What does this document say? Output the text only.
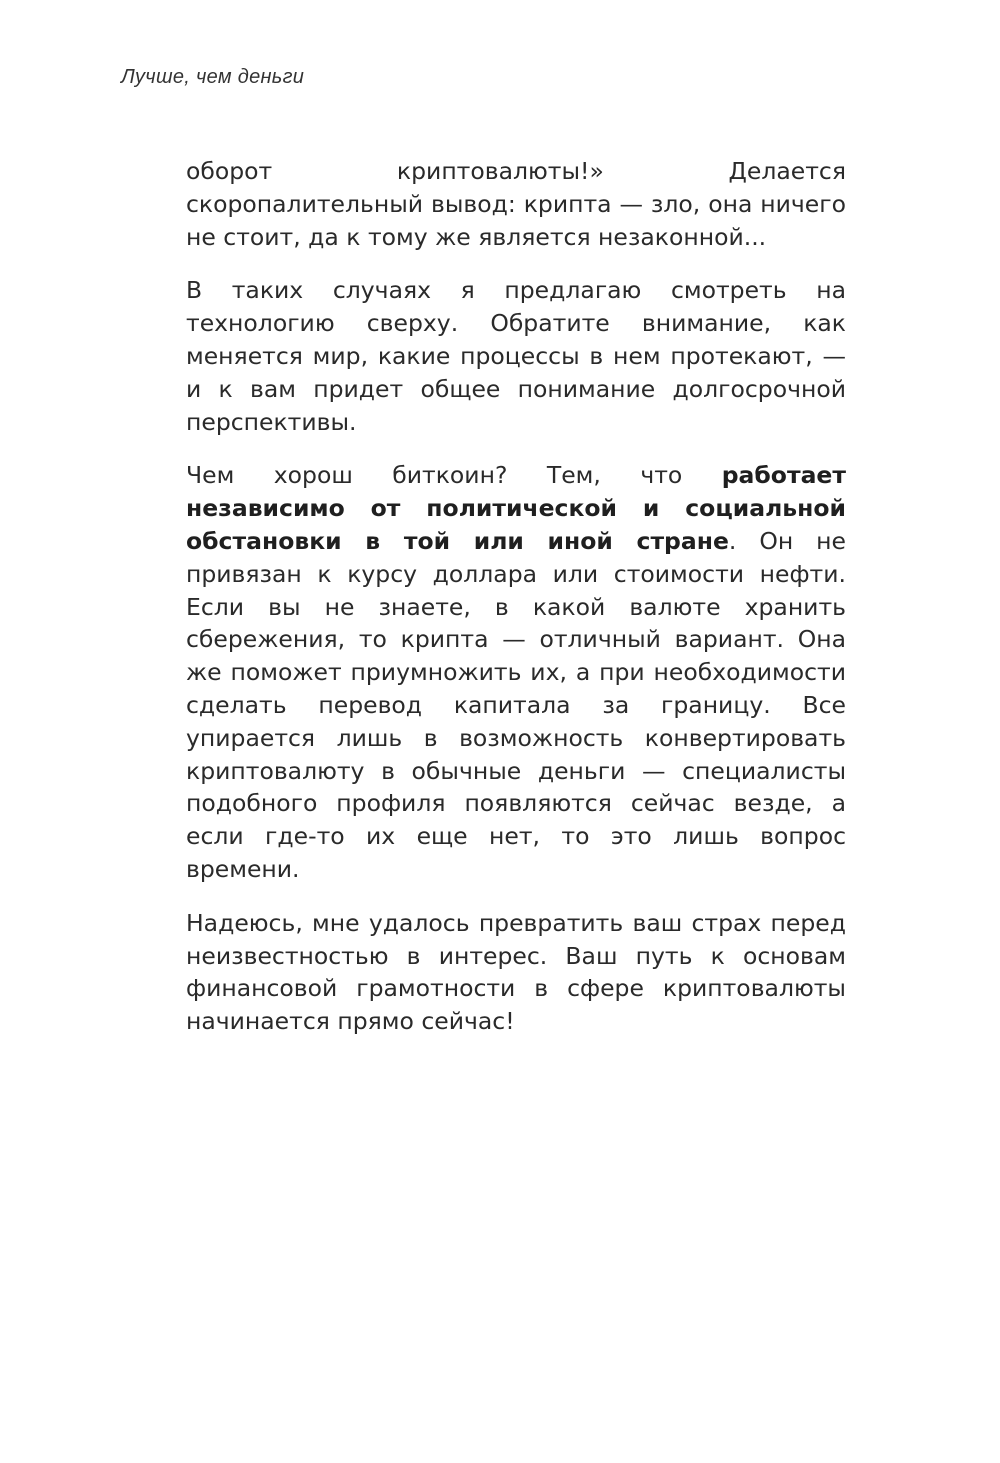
Лучше, чем деньги

оборот криптовалюты!» Делается скоропалительный вывод: крипта — зло, она ничего не стоит, да к тому же является незаконной...

В таких случаях я предлагаю смотреть на технологию сверху. Обратите внимание, как меняется мир, какие процессы в нем протекают, — и к вам придет общее понимание долгосрочной перспективы.

Чем хорош биткоин? Тем, что работает независимо от политической и социальной обстановки в той или иной стране. Он не привязан к курсу доллара или стоимости нефти. Если вы не знаете, в какой валюте хранить сбережения, то крипта — отличный вариант. Она же поможет приумножить их, а при необходимости сделать перевод капитала за границу. Все упирается лишь в возможность конвертировать криптовалюту в обычные деньги — специалисты подобного профиля появляются сейчас везде, а если где-то их еще нет, то это лишь вопрос времени.

Надеюсь, мне удалось превратить ваш страх перед неизвестностью в интерес. Ваш путь к основам финансовой грамотности в сфере криптовалюты начинается прямо сейчас!
